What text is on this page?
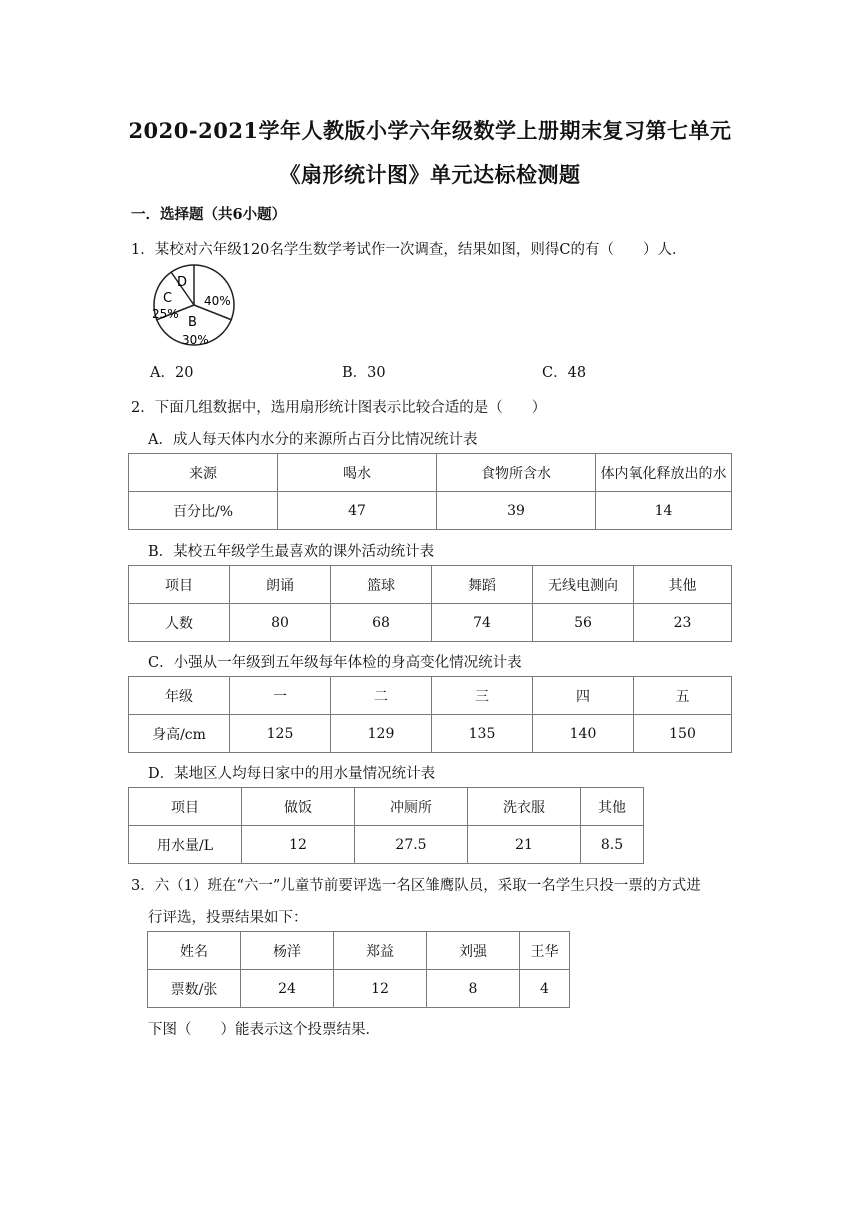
2020-2021学年人教版小学六年级数学上册期末复习第七单元
《扇形统计图》单元达标检测题
一．选择题（共6小题）
1．某校对六年级120名学生数学考试作一次调查，结果如图，则得C的有（　　）人．
D
C
25%
B
30%
40%
A．20	B．30	C．48
2．下面几组数据中，选用扇形统计图表示比较合适的是（　　）
A．成人每天体内水分的来源所占百分比情况统计表
来源	喝水	食物所含水	体内氧化释放出的水
百分比/%	47	39	14
B．某校五年级学生最喜欢的课外活动统计表
项目	朗诵	篮球	舞蹈	无线电测向	其他
人数	80	68	74	56	23
C．小强从一年级到五年级每年体检的身高变化情况统计表
年级	一	二	三	四	五
身高/cm	125	129	135	140	150
D．某地区人均每日家中的用水量情况统计表
项目	做饭	冲厕所	洗衣服	其他
用水量/L	12	27.5	21	8.5
3．六（1）班在“六一”儿童节前要评选一名区雏鹰队员，采取一名学生只投一票的方式进
行评选，投票结果如下：
姓名	杨洋	郑益	刘强	王华
票数/张	24	12	8	4
下图（　　）能表示这个投票结果．
